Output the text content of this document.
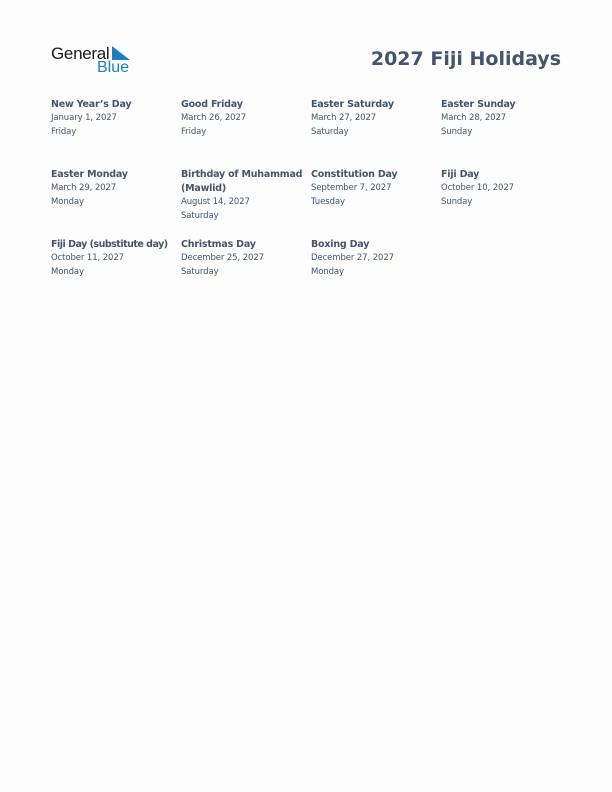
General
Blue	2027 Fiji Holidays
New Year’s Day
January 1, 2027
Friday
Good Friday
March 26, 2027
Friday
Easter Saturday
March 27, 2027
Saturday
Easter Sunday
March 28, 2027
Sunday
Easter Monday
March 29, 2027
Monday
Birthday of Muhammad (Mawlid)
August 14, 2027
Saturday
Constitution Day
September 7, 2027
Tuesday
Fiji Day
October 10, 2027
Sunday
Fiji Day (substitute day)
October 11, 2027
Monday
Christmas Day
December 25, 2027
Saturday
Boxing Day
December 27, 2027
Monday
